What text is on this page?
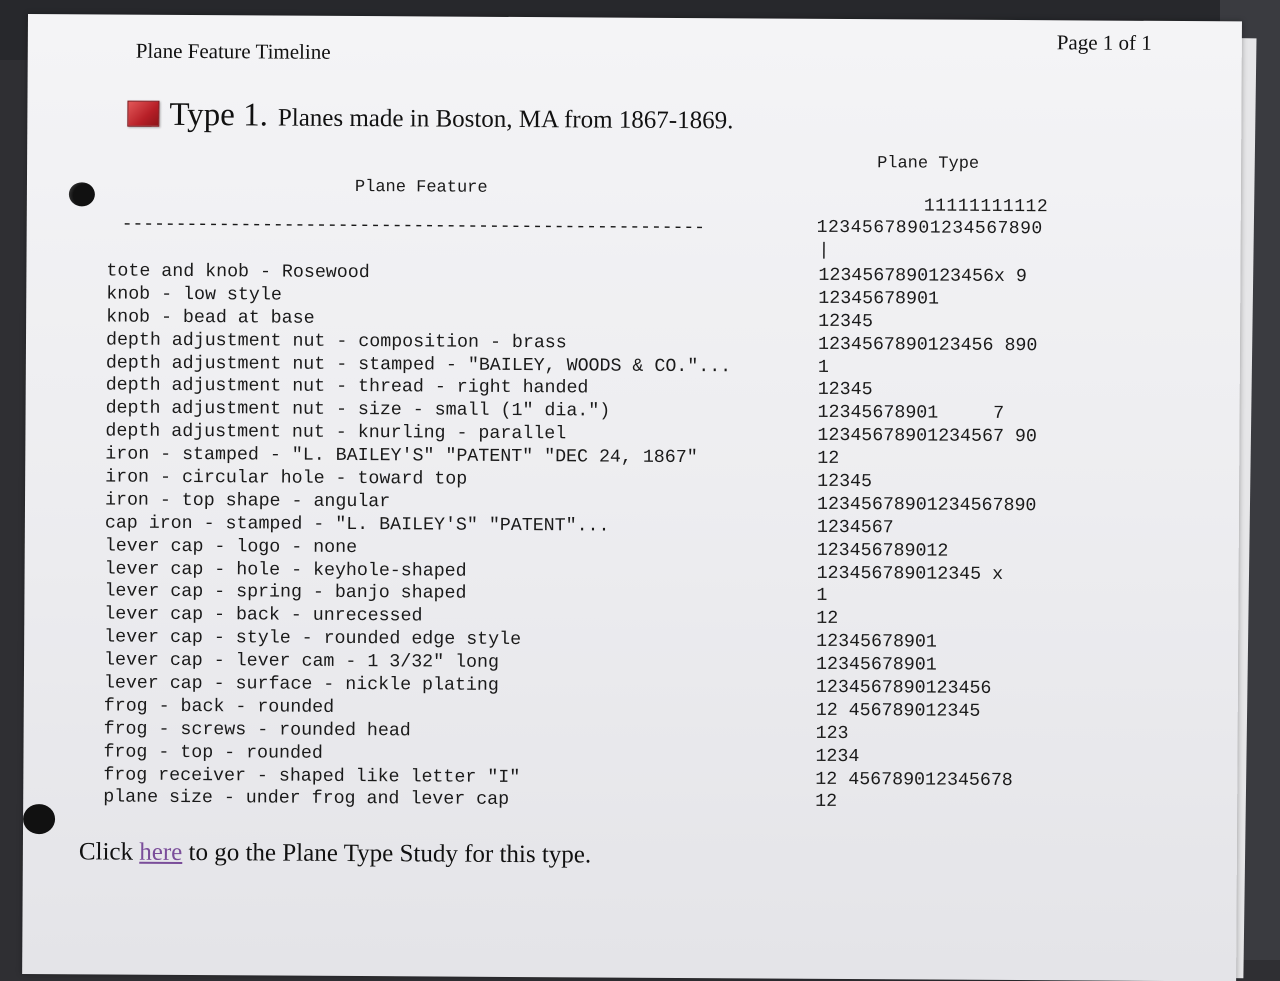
Plane Feature Timeline	Page 1 of 1
Type 1. Planes made in Boston, MA from 1867-1869.
Plane Type
Plane Feature
11111111112
12345678901234567890
------------------------------------------------------
|
tote and knob - Rosewood
knob - low style
knob - bead at base
depth adjustment nut - composition - brass
depth adjustment nut - stamped - "BAILEY, WOODS & CO."...
depth adjustment nut - thread - right handed
depth adjustment nut - size - small (1" dia.")
depth adjustment nut - knurling - parallel
iron - stamped - "L. BAILEY'S" "PATENT" "DEC 24, 1867"
iron - circular hole - toward top
iron - top shape - angular
cap iron - stamped - "L. BAILEY'S" "PATENT"...
lever cap - logo - none
lever cap - hole - keyhole-shaped
lever cap - spring - banjo shaped
lever cap - back - unrecessed
lever cap - style - rounded edge style
lever cap - lever cam - 1 3/32" long
lever cap - surface - nickle plating
frog - back - rounded
frog - screws - rounded head
frog - top - rounded
frog receiver - shaped like letter "I"
plane size - under frog and lever cap
1234567890123456x 9
12345678901
12345
1234567890123456 890
1
12345
12345678901     7
12345678901234567 90
12
12345
12345678901234567890
1234567
123456789012
123456789012345 x
1
12
12345678901
12345678901
1234567890123456
12 456789012345
123
1234
12 456789012345678
12
Click here to go the Plane Type Study for this type.
